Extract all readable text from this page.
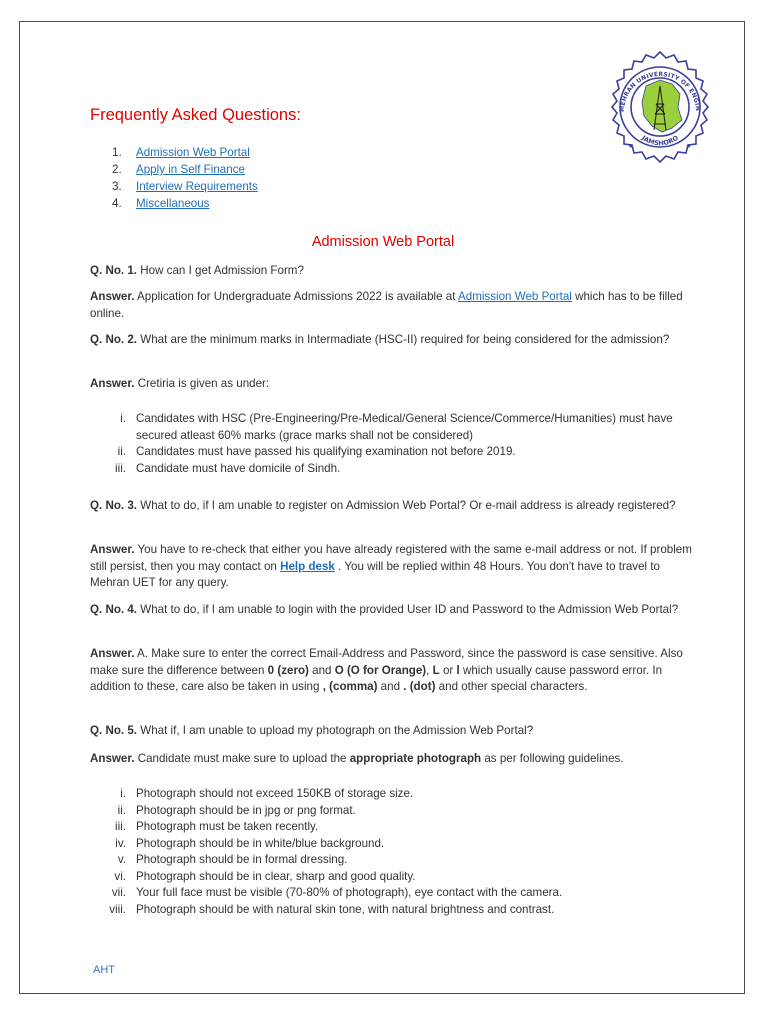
Frequently Asked Questions:	MEHRAN UNIVERSITY OF ENGIN
JAMSHORO
★	★
1.	Admission Web Portal
2.	Apply in Self Finance
3.	Interview Requirements
4.	Miscellaneous
Admission Web Portal

Q. No. 1. How can I get Admission Form?

Answer. Application for Undergraduate Admissions 2022 is available at Admission Web Portal which has to be filled online.

Q. No. 2. What are the minimum marks in Intermadiate (HSC-II) required for being considered for the admission?

Answer. Cretiria is given as under:

i. Candidates with HSC (Pre-Engineering/Pre-Medical/General Science/Commerce/Humanities) must have secured atleast 60% marks (grace marks shall not be considered)
ii. Candidates must have passed his qualifying examination not before 2019.
iii. Candidate must have domicile of Sindh.

Q. No. 3. What to do, if I am unable to register on Admission Web Portal? Or e-mail address is already registered?

Answer. You have to re-check that either you have already registered with the same e-mail address or not. If problem still persist, then you may contact on Help desk . You will be replied within 48 Hours. You don't have to travel to Mehran UET for any query.

Q. No. 4. What to do, if I am unable to login with the provided User ID and Password to the Admission Web Portal?

Answer. A. Make sure to enter the correct Email-Address and Password, since the password is case sensitive. Also make sure the difference between 0 (zero) and O (O for Orange), L or l which usually cause password error. In addition to these, care also be taken in using , (comma) and . (dot) and other special characters.

Q. No. 5. What if, I am unable to upload my photograph on the Admission Web Portal?

Answer. Candidate must make sure to upload the appropriate photograph as per following guidelines.

i. Photograph should not exceed 150KB of storage size.
ii. Photograph should be in jpg or png format.
iii. Photograph must be taken recently.
iv. Photograph should be in white/blue background.
v. Photograph should be in formal dressing.
vi. Photograph should be in clear, sharp and good quality.
vii. Your full face must be visible (70-80% of photograph), eye contact with the camera.
viii. Photograph should be with natural skin tone, with natural brightness and contrast.
AHT
